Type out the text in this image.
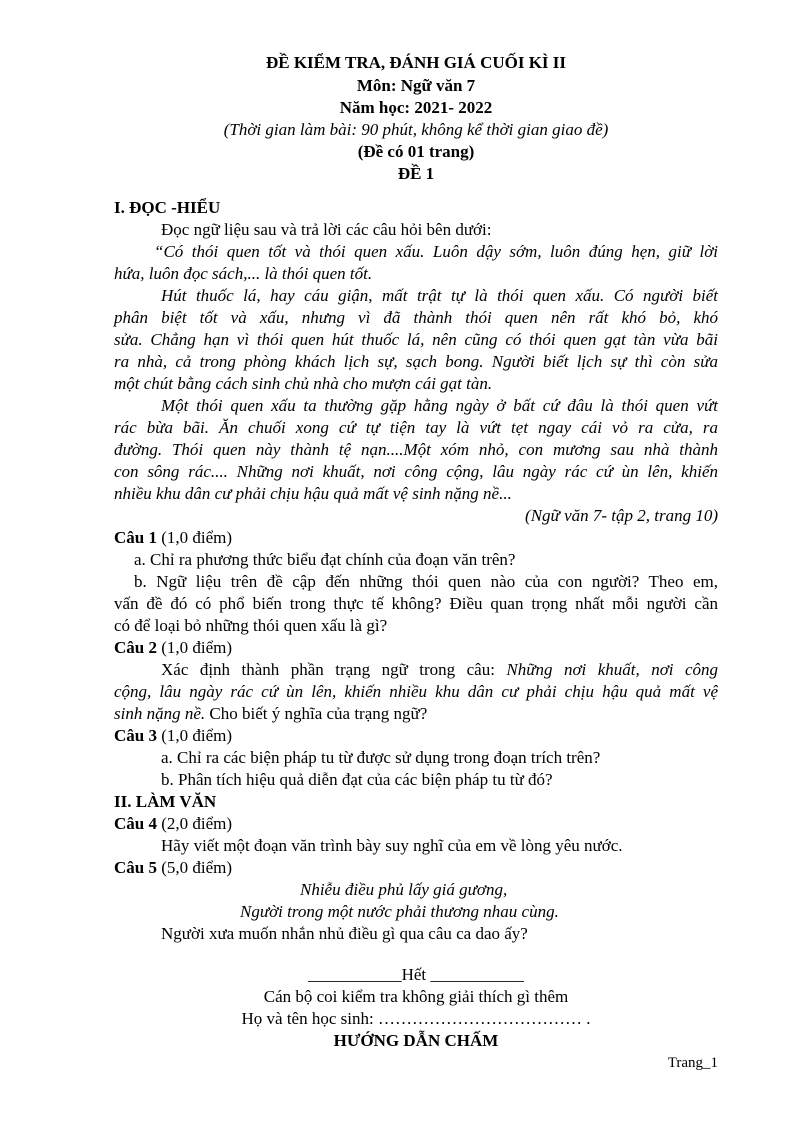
ĐỀ KIỂM TRA, ĐÁNH GIÁ CUỐI KÌ II
Môn: Ngữ văn 7
Năm học: 2021- 2022
(Thời gian làm bài: 90 phút, không kể thời gian giao đề)
(Đề có 01 trang)
ĐỀ 1
I. ĐỌC -HIỂU
Đọc ngữ liệu sau và trả lời các câu hỏi bên dưới:
“Có thói quen tốt và thói quen xấu. Luôn dậy sớm, luôn đúng hẹn, giữ lời
hứa, luôn đọc sách,... là thói quen tốt.
Hút thuốc lá, hay cáu giận, mất trật tự là thói quen xấu. Có người biết
phân biệt tốt và xấu, nhưng vì đã thành thói quen nên rất khó bỏ, khó
sửa. Chẳng hạn vì thói quen hút thuốc lá, nên cũng có thói quen gạt tàn vừa bãi
ra nhà, cả trong phòng khách lịch sự, sạch bong. Người biết lịch sự thì còn sửa
một chút bằng cách sinh chủ nhà cho mượn cái gạt tàn.
Một thói quen xấu ta thường gặp hằng ngày ở bất cứ đâu là thói quen vứt
rác bừa bãi. Ăn chuối xong cứ tự tiện tay là vứt tẹt ngay cái vỏ ra cửa, ra
đường. Thói quen này thành tệ nạn....Một xóm nhỏ, con mương sau nhà thành
con sông rác.... Những nơi khuất, nơi công cộng, lâu ngày rác cứ ùn lên, khiến
nhiều khu dân cư phải chịu hậu quả mất vệ sinh nặng nề...
(Ngữ văn 7- tập 2, trang 10)
Câu 1 (1,0 điểm)
a. Chỉ ra phương thức biểu đạt chính của đoạn văn trên?
b. Ngữ liệu trên đề cập đến những thói quen nào của con người? Theo em,
vấn đề đó có phổ biến trong thực tế không? Điều quan trọng nhất mỗi người cần
có để loại bỏ những thói quen xấu là gì?
Câu 2 (1,0 điểm)
Xác định thành phần trạng ngữ trong câu: Những nơi khuất, nơi công
cộng, lâu ngày rác cứ ùn lên, khiến nhiều khu dân cư phải chịu hậu quả mất vệ
sinh nặng nề. Cho biết ý nghĩa của trạng ngữ?
Câu 3 (1,0 điểm)
a. Chỉ ra các biện pháp tu từ được sử dụng trong đoạn trích trên?
b. Phân tích hiệu quả diễn đạt của các biện pháp tu từ đó?
II. LÀM VĂN
Câu 4 (2,0 điểm)
Hãy viết một đoạn văn trình bày suy nghĩ của em về lòng yêu nước.
Câu 5 (5,0 điểm)
Nhiễu điều phủ lấy giá gương,
Người trong một nước phải thương nhau cùng.
Người xưa muốn nhắn nhủ điều gì qua câu ca dao ấy?
___________Hết ___________
Cán bộ coi kiểm tra không giải thích gì thêm
Họ và tên học sinh: ……………………………… .
HƯỚNG DẪN CHẤM
Trang_1
